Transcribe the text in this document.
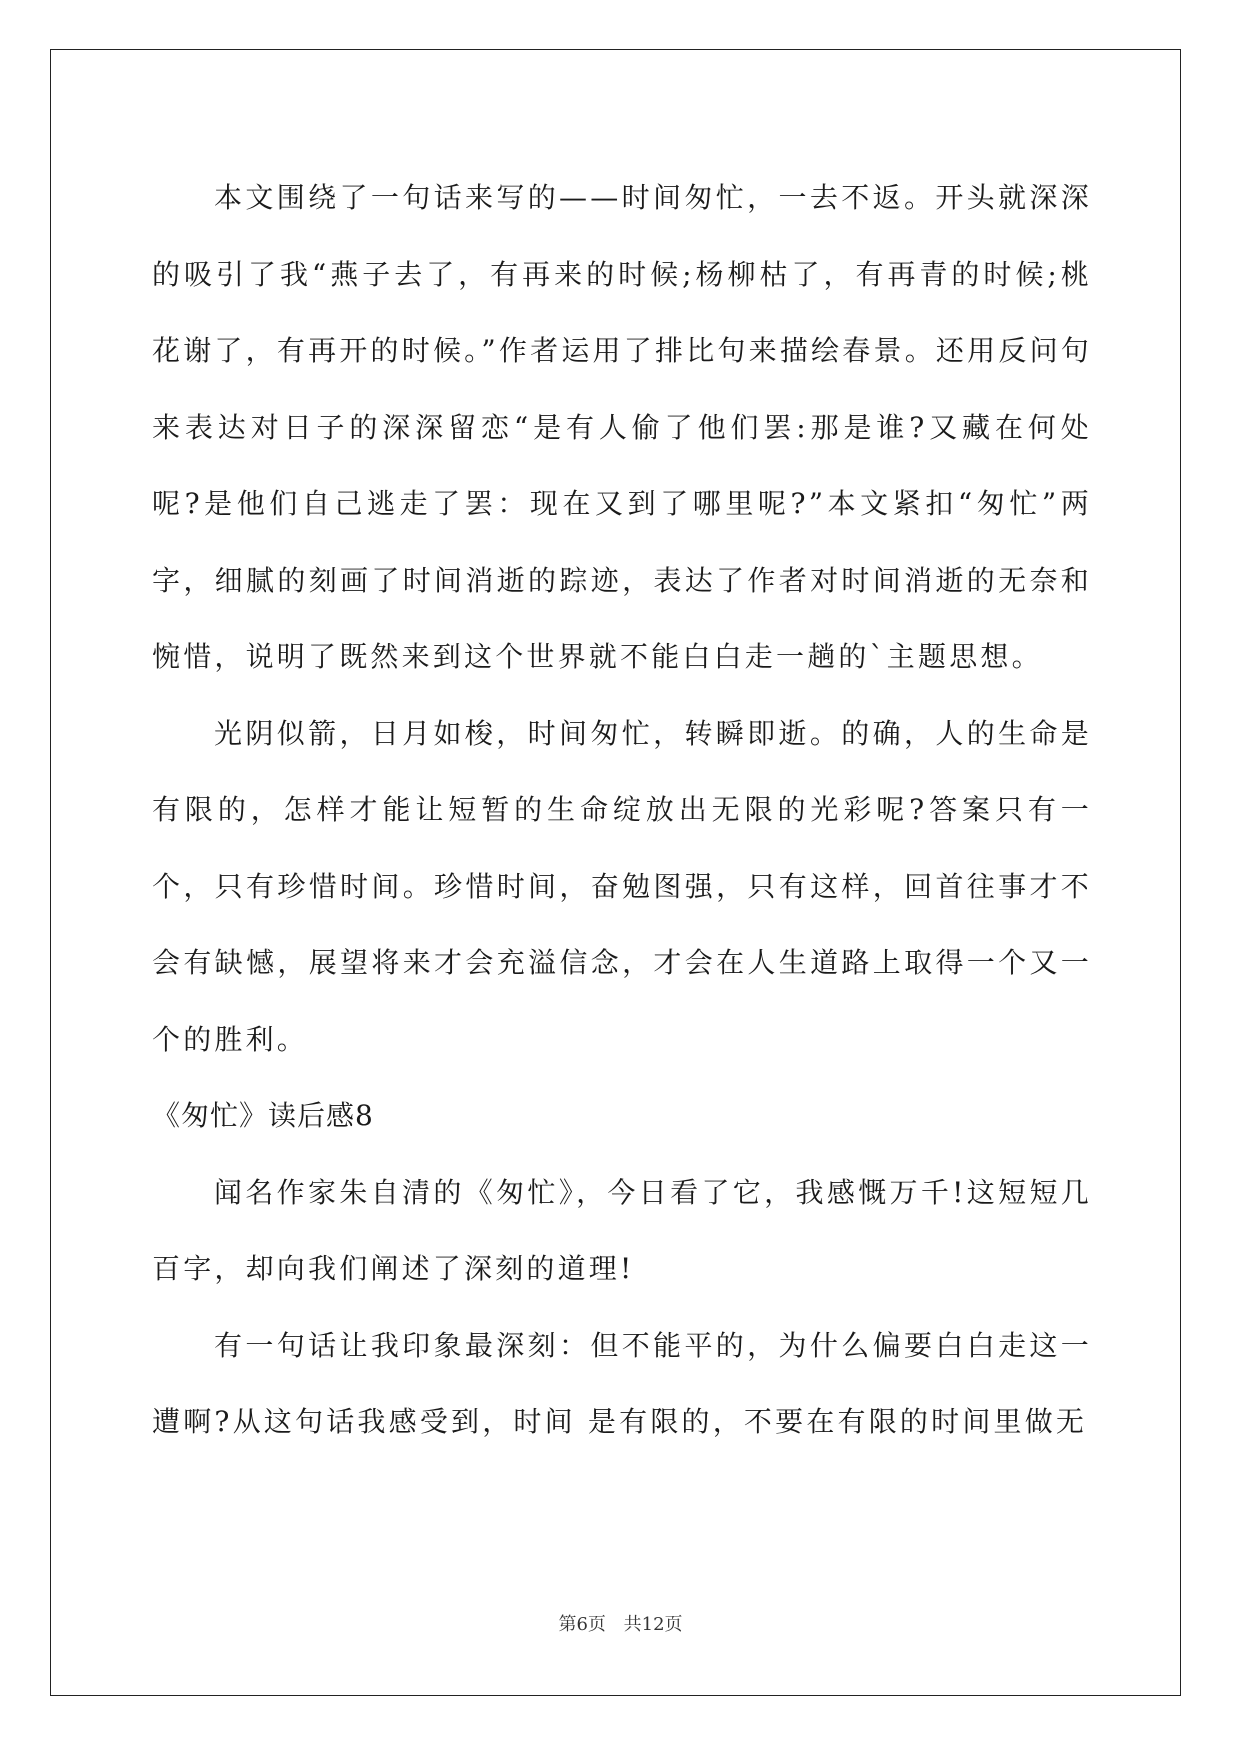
本文围绕了一句话来写的——时间匆忙，一去不返。开头就深深的吸引了我“燕子去了，有再来的时候;杨柳枯了，有再青的时候;桃花谢了，有再开的时候。”作者运用了排比句来描绘春景。还用反问句来表达对日子的深深留恋“是有人偷了他们罢:那是谁?又藏在何处呢?是他们自己逃走了罢：现在又到了哪里呢?”本文紧扣“匆忙”两字，细腻的刻画了时间消逝的踪迹，表达了作者对时间消逝的无奈和惋惜，说明了既然来到这个世界就不能白白走一趟的`主题思想。

光阴似箭，日月如梭，时间匆忙，转瞬即逝。的确，人的生命是有限的，怎样才能让短暂的生命绽放出无限的光彩呢?答案只有一个，只有珍惜时间。珍惜时间，奋勉图强，只有这样，回首往事才不会有缺憾，展望将来才会充溢信念，才会在人生道路上取得一个又一个的胜利。

《匆忙》读后感8

闻名作家朱自清的《匆忙》，今日看了它，我感慨万千!这短短几百字，却向我们阐述了深刻的道理!

有一句话让我印象最深刻：但不能平的，为什么偏要白白走这一遭啊?从这句话我感受到，时间 是有限的，不要在有限的时间里做无

第6页 共12页
